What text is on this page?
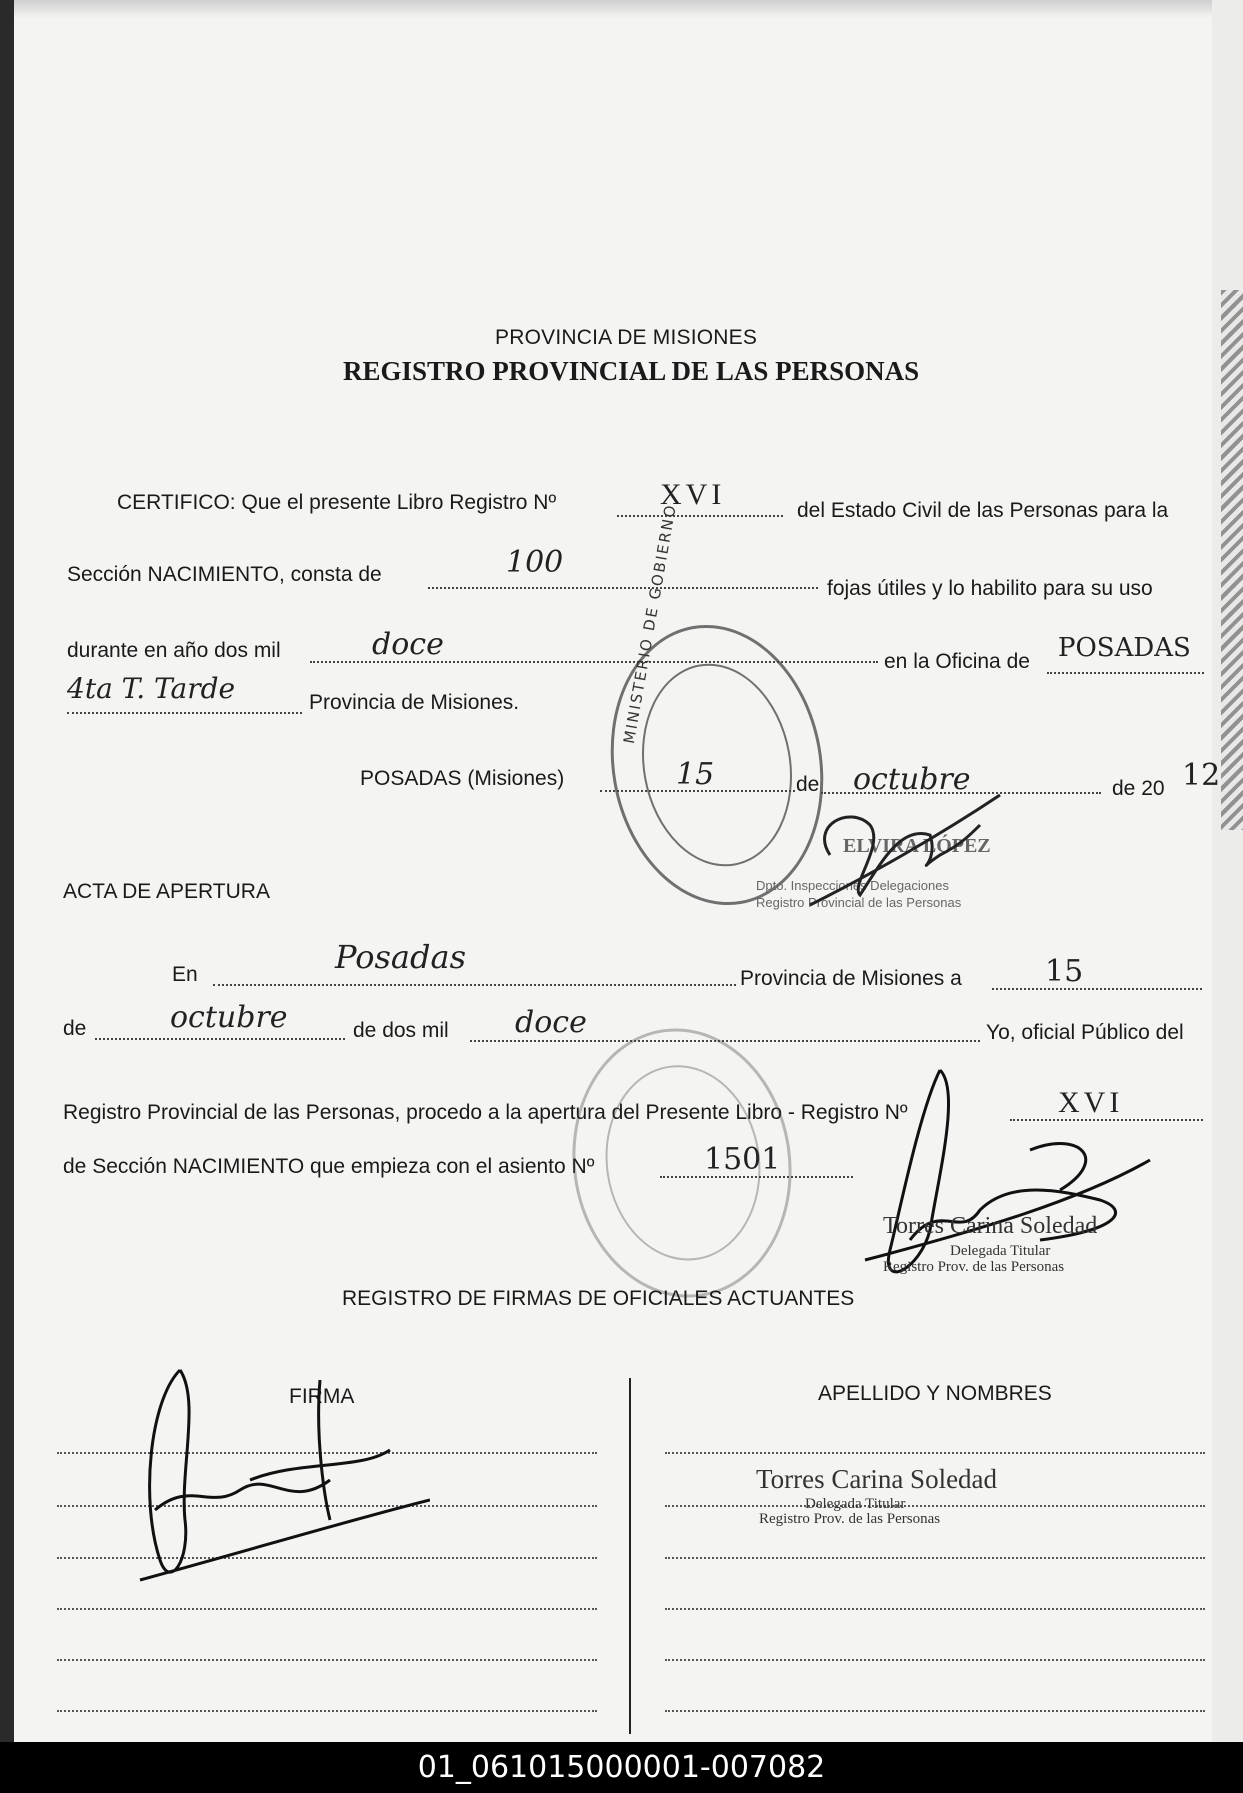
PROVINCIA DE MISIONES
REGISTRO PROVINCIAL DE LAS PERSONAS
CERTIFICO: Que el presente Libro Registro Nº	XVI	del Estado Civil de las Personas para la
Sección NACIMIENTO, consta de	100
fojas útiles y lo habilito para su uso
durante en año dos mil	doce	en la Oficina de POSADAS
4ta T. Tarde	Provincia de Misiones.
POSADAS (Misiones)	15	de octubre	de 20 12
MINISTERIO DE GOBIERNO
ELVIRA LÓPEZ
Dpto. Inspecciones Delegaciones
Registro Provincial de las Personas
ACTA DE APERTURA
En	Posadas
Provincia de Misiones a	15
de	octubre	de dos mil doce	Yo, oficial Público del
Registro Provincial de las Personas, procedo a la apertura del Presente Libro - Registro Nº	XVI
de Sección NACIMIENTO que empieza con el asiento Nº	1501
Torres Carina Soledad
Delegada Titular
Registro Prov. de las Personas
REGISTRO DE FIRMAS DE OFICIALES ACTUANTES
FIRMA	APELLIDO Y NOMBRES
Torres Carina Soledad
Delegada Titular
Registro Prov. de las Personas
01_061015000001-007082
